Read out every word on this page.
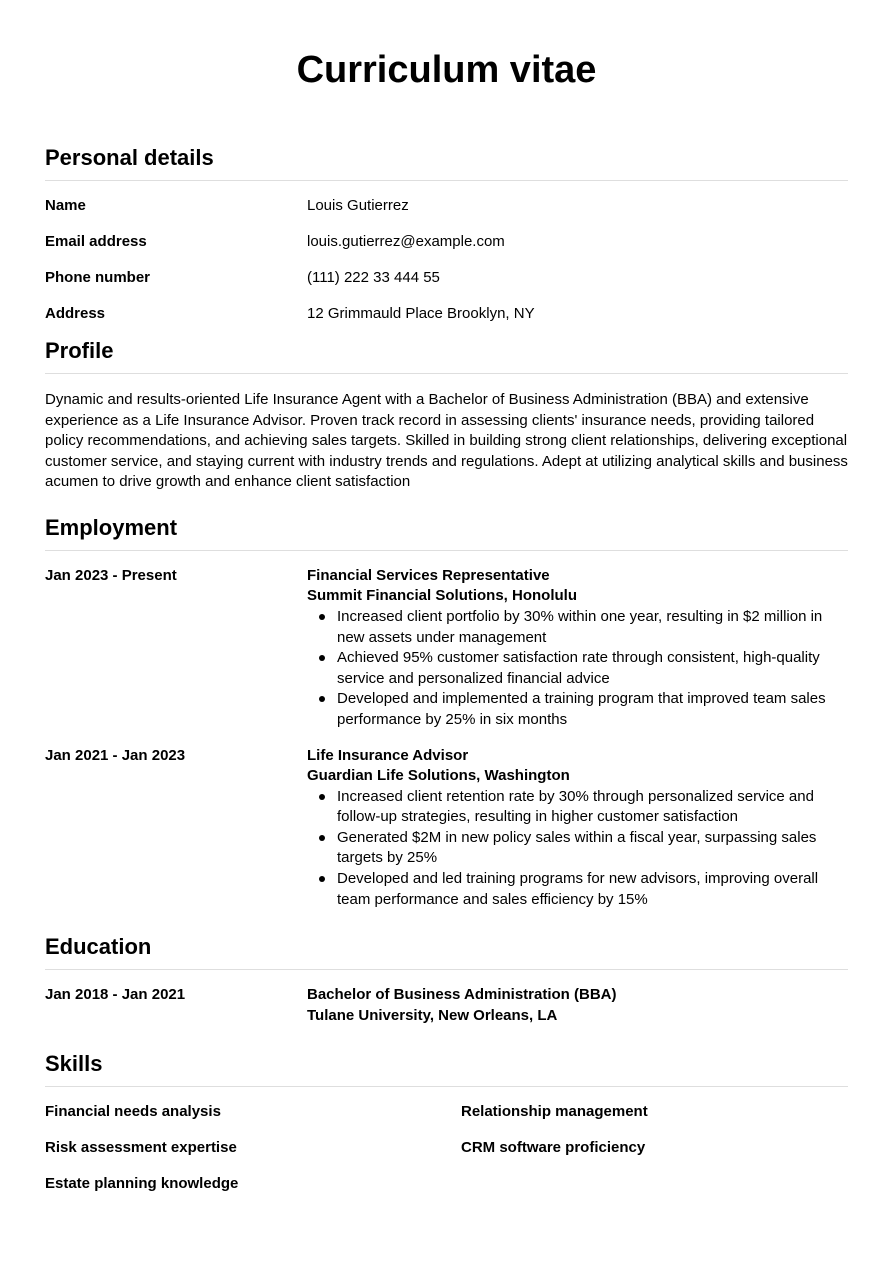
Curriculum vitae
Personal details
Name	Louis Gutierrez
Email address	louis.gutierrez@example.com
Phone number	(111) 222 33 444 55
Address	12 Grimmauld Place Brooklyn, NY
Profile

Dynamic and results-oriented Life Insurance Agent with a Bachelor of Business Administration (BBA) and extensive experience as a Life Insurance Advisor. Proven track record in assessing clients' insurance needs, providing tailored policy recommendations, and achieving sales targets. Skilled in building strong client relationships, delivering exceptional customer service, and staying current with industry trends and regulations. Adept at utilizing analytical skills and business acumen to drive growth and enhance client satisfaction

Employment
Jan 2023 - Present	Financial Services Representative
Summit Financial Solutions, Honolulu
Increased client portfolio by 30% within one year, resulting in $2 million in new assets under management
Achieved 95% customer satisfaction rate through consistent, high-quality service and personalized financial advice
Developed and implemented a training program that improved team sales performance by 25% in six months
Jan 2021 - Jan 2023	Life Insurance Advisor
Guardian Life Solutions, Washington
Increased client retention rate by 30% through personalized service and follow-up strategies, resulting in higher customer satisfaction
Generated $2M in new policy sales within a fiscal year, surpassing sales targets by 25%
Developed and led training programs for new advisors, improving overall team performance and sales efficiency by 15%
Education
Jan 2018 - Jan 2021	Bachelor of Business Administration (BBA)
Tulane University, New Orleans, LA
Skills
Financial needs analysis	Relationship management
Risk assessment expertise	CRM software proficiency
Estate planning knowledge
